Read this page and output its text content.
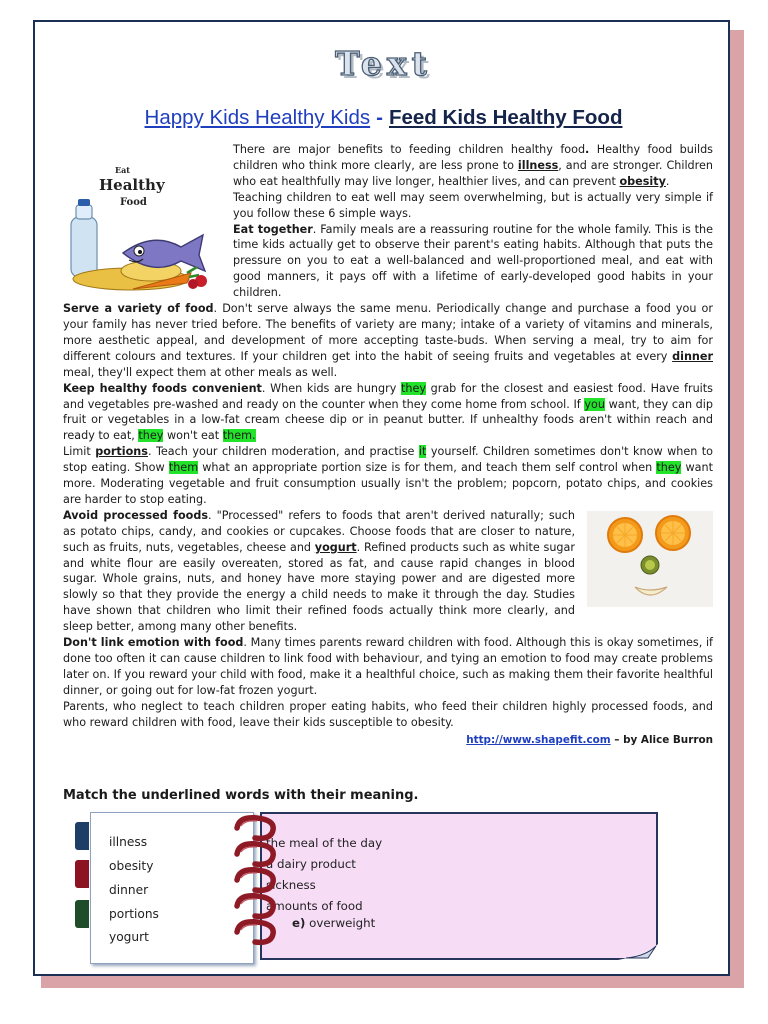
Text
Happy Kids Healthy Kids - Feed Kids Healthy Food
Eat
Healthy
Food

There are major benefits to feeding children healthy food. Healthy food builds children who think more clearly, are less prone to illness, and are stronger. Children who eat healthfully may live longer, healthier lives, and can prevent obesity.

Teaching children to eat well may seem overwhelming, but is actually very simple if you follow these 6 simple ways.

Eat together. Family meals are a reassuring routine for the whole family. This is the time kids actually get to observe their parent's eating habits. Although that puts the pressure on you to eat a well-balanced and well-proportioned meal, and eat with good manners, it pays off with a lifetime of early-developed good habits in your children.

Serve a variety of food. Don't serve always the same menu. Periodically change and purchase a food you or your family has never tried before. The benefits of variety are many; intake of a variety of vitamins and minerals, more aesthetic appeal, and development of more accepting taste-buds. When serving a meal, try to aim for different colours and textures. If your children get into the habit of seeing fruits and vegetables at every dinner meal, they'll expect them at other meals as well.

Keep healthy foods convenient. When kids are hungry they grab for the closest and easiest food. Have fruits and vegetables pre-washed and ready on the counter when they come home from school. If you want, they can dip fruit or vegetables in a low-fat cream cheese dip or in peanut butter. If unhealthy foods aren't within reach and ready to eat, they won't eat them.

Limit portions. Teach your children moderation, and practise it yourself. Children sometimes don't know when to stop eating. Show them what an appropriate portion size is for them, and teach them self control when they want more. Moderating vegetable and fruit consumption usually isn't the problem; popcorn, potato chips, and cookies are harder to stop eating.

Avoid processed foods. "Processed" refers to foods that aren't derived naturally; such as potato chips, candy, and cookies or cupcakes. Choose foods that are closer to nature, such as fruits, nuts, vegetables, cheese and yogurt. Refined products such as white sugar and white flour are easily overeaten, stored as fat, and cause rapid changes in blood sugar. Whole grains, nuts, and honey have more staying power and are digested more slowly so that they provide the energy a child needs to make it through the day. Studies have shown that children who limit their refined foods actually think more clearly, and sleep better, among many other benefits.

Don't link emotion with food. Many times parents reward children with food. Although this is okay sometimes, if done too often it can cause children to link food with behaviour, and tying an emotion to food may create problems later on. If you reward your child with food, make it a healthful choice, such as making them their favorite healthful dinner, or going out for low-fat frozen yogurt.

Parents, who neglect to teach children proper eating habits, who feed their children highly processed foods, and who reward children with food, leave their kids susceptible to obesity.

http://www.shapefit.com – by Alice Burron
Match the underlined words with their meaning.
illness
obesity
dinner
portions
yogurt
the meal of the day
a dairy product
sickness
amounts of food
e) overweight
